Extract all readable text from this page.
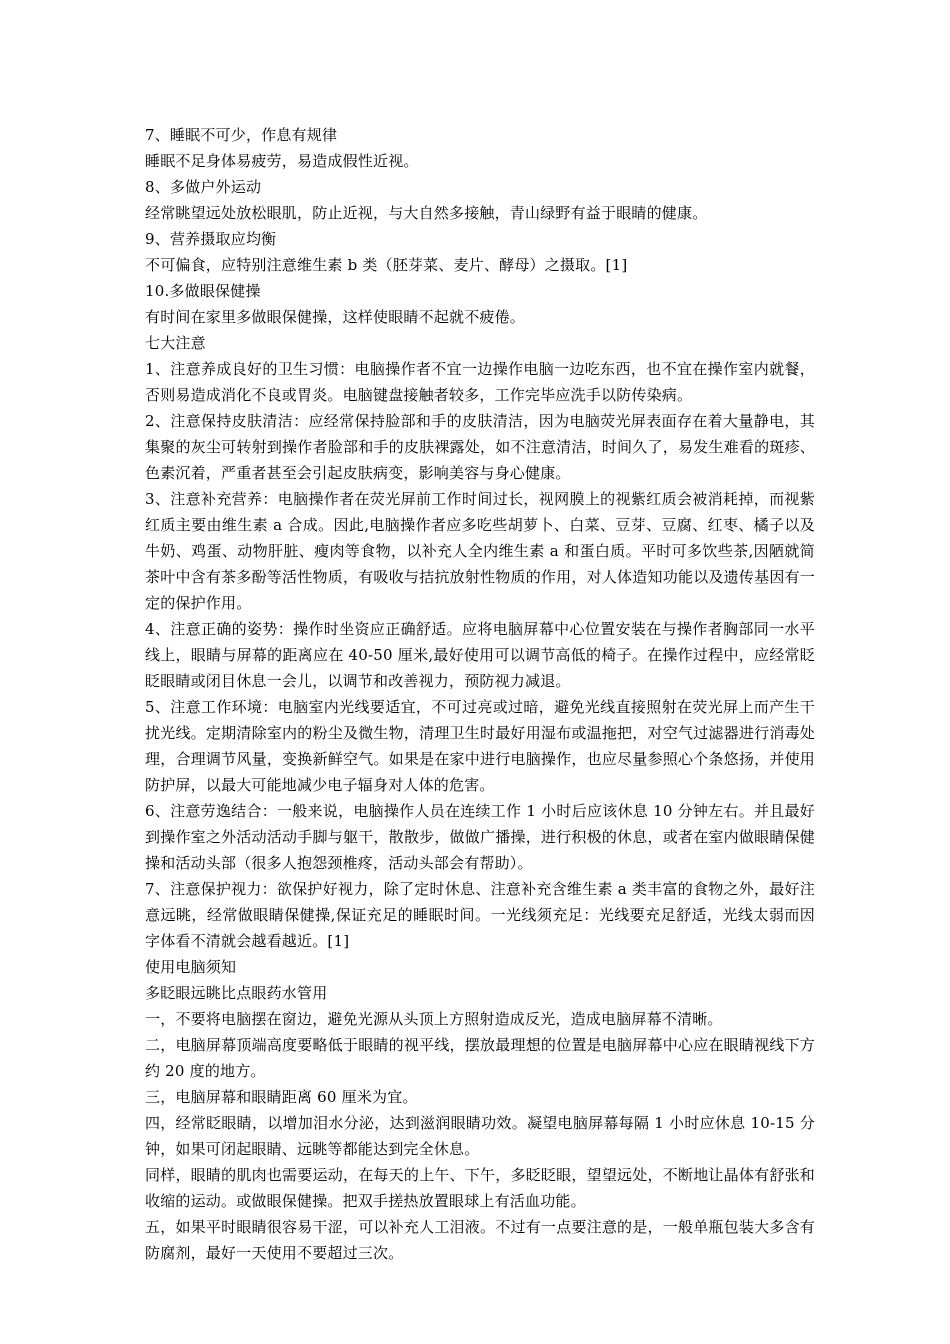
7、睡眠不可少，作息有规律

睡眠不足身体易疲劳，易造成假性近视。

8、多做户外运动

经常眺望远处放松眼肌，防止近视，与大自然多接触，青山绿野有益于眼睛的健康。

9、营养摄取应均衡

不可偏食，应特别注意维生素 b 类（胚芽菜、麦片、酵母）之摄取。[1]

10.多做眼保健操

有时间在家里多做眼保健操，这样使眼睛不起就不疲倦。

七大注意

1、注意养成良好的卫生习惯：电脑操作者不宜一边操作电脑一边吃东西，也不宜在操作室内就餐，否则易造成消化不良或胃炎。电脑键盘接触者较多，工作完毕应洗手以防传染病。

2、注意保持皮肤清洁：应经常保持脸部和手的皮肤清洁，因为电脑荧光屏表面存在着大量静电，其集聚的灰尘可转射到操作者脸部和手的皮肤裸露处，如不注意清洁，时间久了，易发生难看的斑疹、色素沉着，严重者甚至会引起皮肤病变，影响美容与身心健康。

3、注意补充营养：电脑操作者在荧光屏前工作时间过长，视网膜上的视紫红质会被消耗掉，而视紫红质主要由维生素 a 合成。因此,电脑操作者应多吃些胡萝卜、白菜、豆芽、豆腐、红枣、橘子以及牛奶、鸡蛋、动物肝脏、瘦肉等食物，以补充人全内维生素 a 和蛋白质。平时可多饮些茶,因陋就简茶叶中含有茶多酚等活性物质，有吸收与拮抗放射性物质的作用，对人体造知功能以及遗传基因有一定的保护作用。

4、注意正确的姿势：操作时坐资应正确舒适。应将电脑屏幕中心位置安装在与操作者胸部同一水平线上，眼睛与屏幕的距离应在 40-50 厘米,最好使用可以调节高低的椅子。在操作过程中，应经常眨眨眼睛或闭目休息一会儿，以调节和改善视力，预防视力减退。

5、注意工作环境：电脑室内光线要适宜，不可过亮或过暗，避免光线直接照射在荧光屏上而产生干扰光线。定期清除室内的粉尘及微生物，清理卫生时最好用湿布或温拖把，对空气过滤器进行消毒处理，合理调节风量，变换新鲜空气。如果是在家中进行电脑操作，也应尽量参照心个条悠扬，并使用防护屏，以最大可能地减少电子辐身对人体的危害。

6、注意劳逸结合：一般来说，电脑操作人员在连续工作 1 小时后应该休息 10 分钟左右。并且最好到操作室之外活动活动手脚与躯干，散散步，做做广播操，进行积极的休息，或者在室内做眼睛保健操和活动头部（很多人抱怨颈椎疼，活动头部会有帮助）。

7、注意保护视力：欲保护好视力，除了定时休息、注意补充含维生素 a 类丰富的食物之外，最好注意远眺，经常做眼睛保健操,保证充足的睡眠时间。一光线须充足：光线要充足舒适，光线太弱而因字体看不清就会越看越近。[1]

使用电脑须知

多眨眼远眺比点眼药水管用

一，不要将电脑摆在窗边，避免光源从头顶上方照射造成反光，造成电脑屏幕不清晰。

二，电脑屏幕顶端高度要略低于眼睛的视平线，摆放最理想的位置是电脑屏幕中心应在眼睛视线下方约 20 度的地方。

三，电脑屏幕和眼睛距离 60 厘米为宜。

四，经常眨眼睛，以增加泪水分泌，达到滋润眼睛功效。凝望电脑屏幕每隔 1 小时应休息 10-15 分钟，如果可闭起眼睛、远眺等都能达到完全休息。

同样，眼睛的肌肉也需要运动，在每天的上午、下午，多眨眨眼，望望远处，不断地让晶体有舒张和收缩的运动。或做眼保健操。把双手搓热放置眼球上有活血功能。

五，如果平时眼睛很容易干涩，可以补充人工泪液。不过有一点要注意的是，一般单瓶包装大多含有防腐剂，最好一天使用不要超过三次。
